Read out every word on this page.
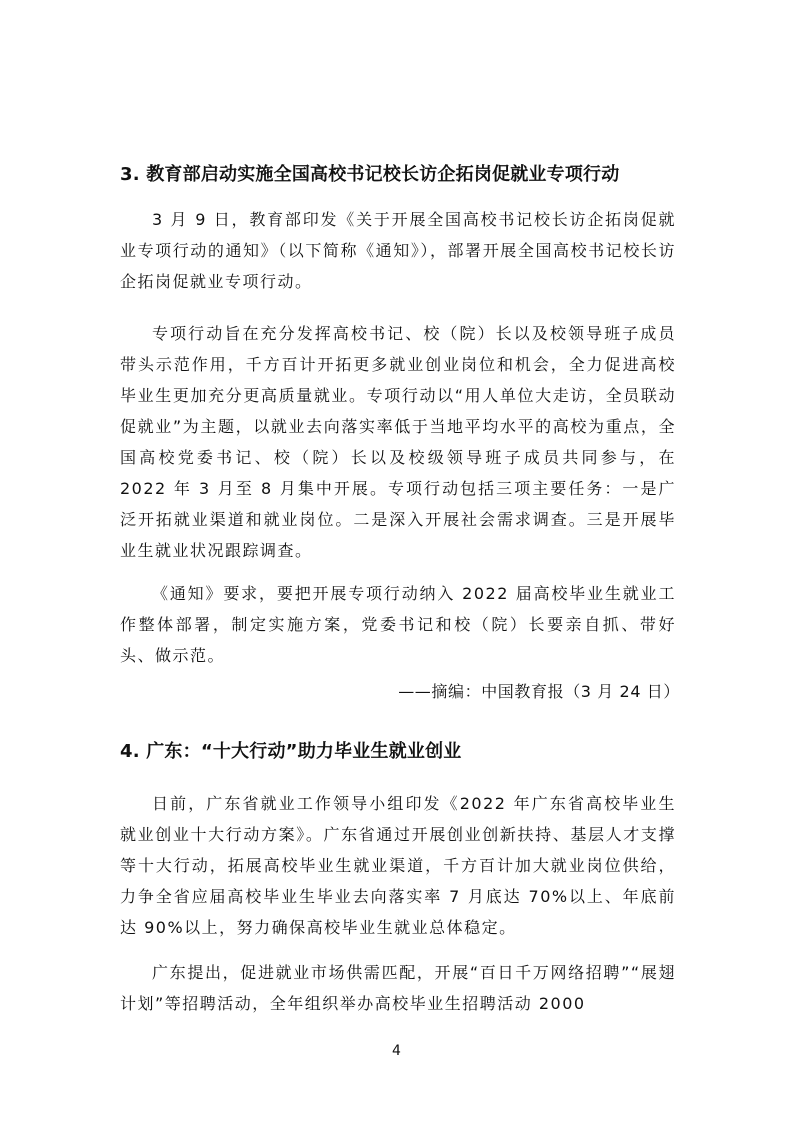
3. 教育部启动实施全国高校书记校长访企拓岗促就业专项行动

3 月 9 日，教育部印发《关于开展全国高校书记校长访企拓岗促就业专项行动的通知》（以下简称《通知》），部署开展全国高校书记校长访企拓岗促就业专项行动。

专项行动旨在充分发挥高校书记、校（院）长以及校领导班子成员带头示范作用，千方百计开拓更多就业创业岗位和机会，全力促进高校毕业生更加充分更高质量就业。专项行动以“用人单位大走访，全员联动促就业”为主题，以就业去向落实率低于当地平均水平的高校为重点，全国高校党委书记、校（院）长以及校级领导班子成员共同参与，在 2022 年 3 月至 8 月集中开展。专项行动包括三项主要任务：一是广泛开拓就业渠道和就业岗位。二是深入开展社会需求调查。三是开展毕业生就业状况跟踪调查。

《通知》要求，要把开展专项行动纳入 2022 届高校毕业生就业工作整体部署，制定实施方案，党委书记和校（院）长要亲自抓、带好头、做示范。

——摘编：中国教育报（3 月 24 日）
4. 广东：“十大行动”助力毕业生就业创业

日前，广东省就业工作领导小组印发《2022 年广东省高校毕业生就业创业十大行动方案》。广东省通过开展创业创新扶持、基层人才支撑等十大行动，拓展高校毕业生就业渠道，千方百计加大就业岗位供给，力争全省应届高校毕业生毕业去向落实率 7 月底达 70%以上、年底前达 90%以上，努力确保高校毕业生就业总体稳定。

广东提出，促进就业市场供需匹配，开展“百日千万网络招聘”“展翅计划”等招聘活动，全年组织举办高校毕业生招聘活动 2000

4
